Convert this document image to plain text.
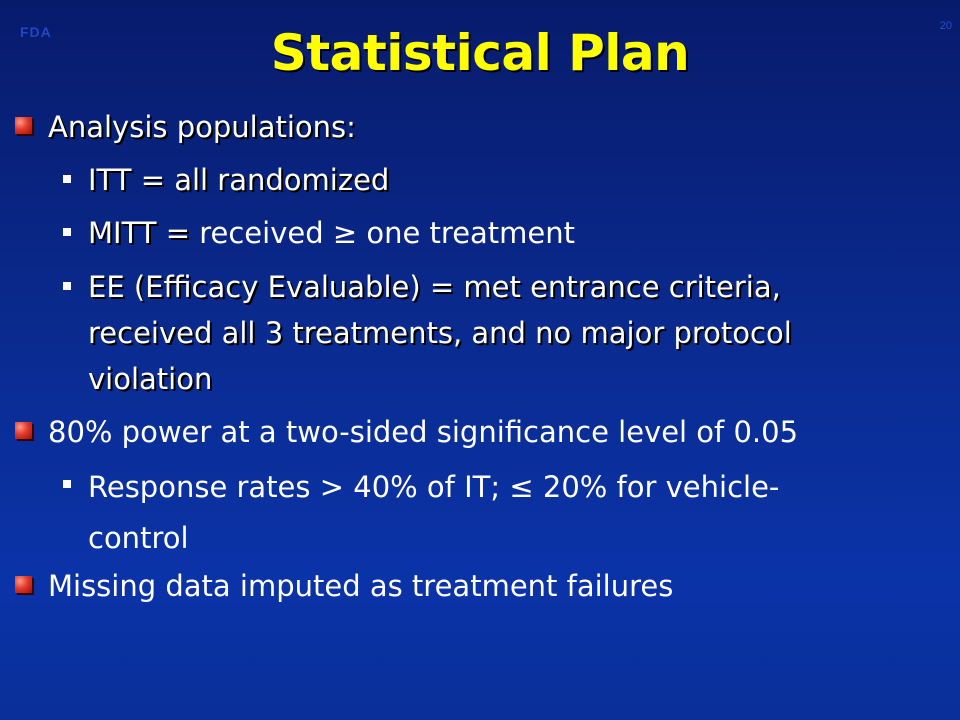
FDA	20
Statistical Plan
Analysis populations:
ITT = all randomized
MITT = received ≥ one treatment
EE (Efficacy Evaluable) = met entrance criteria,
received all 3 treatments, and no major protocol
violation
80% power at a two-sided significance level of 0.05
Response rates > 40% of IT; ≤ 20% for vehicle-
control
Missing data imputed as treatment failures
